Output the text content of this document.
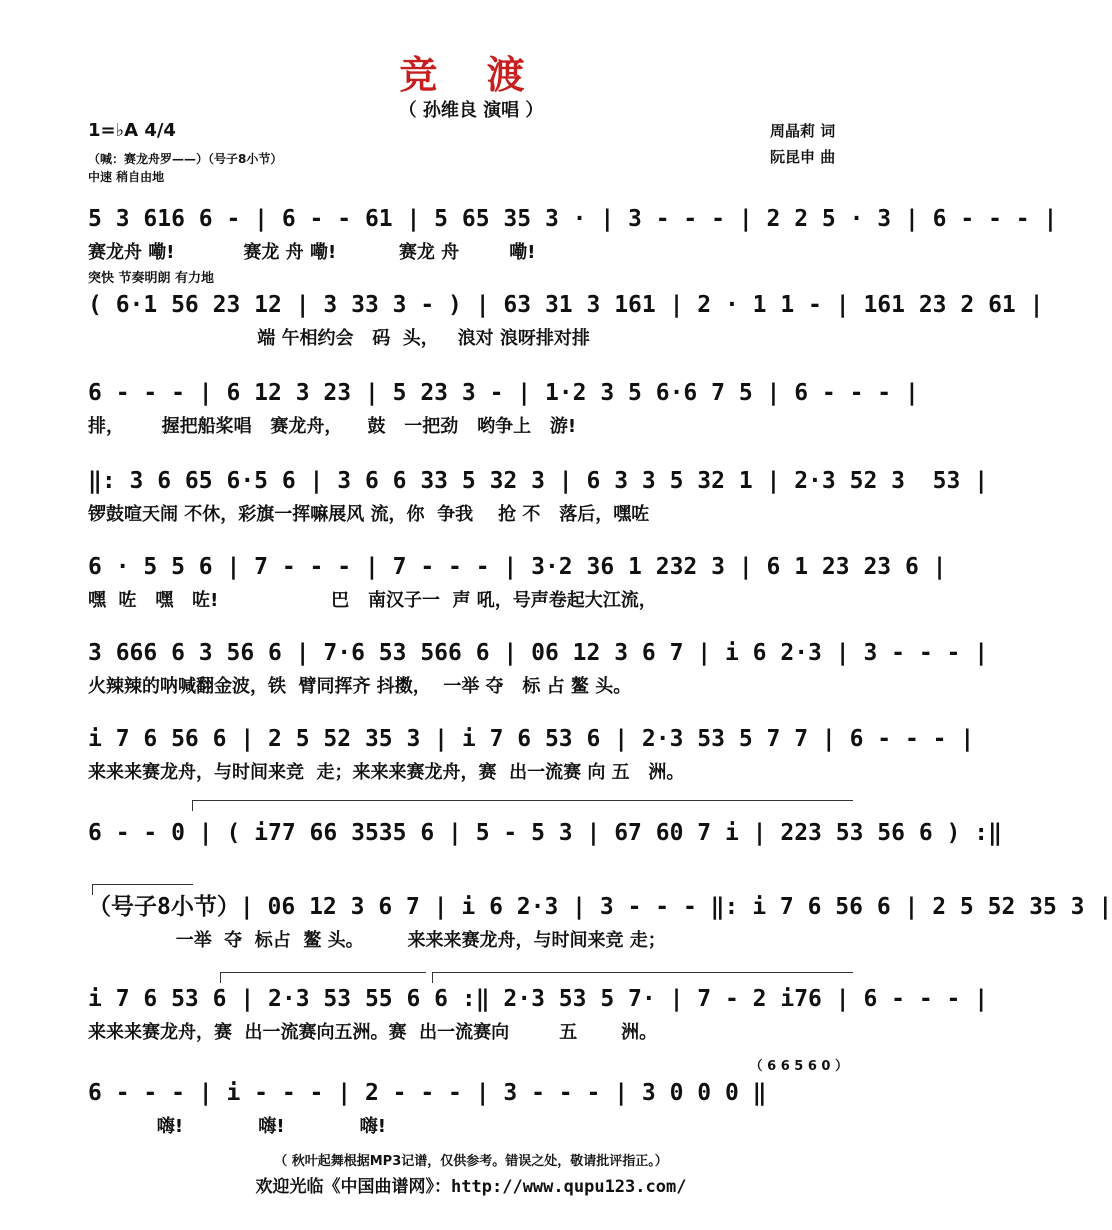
竞 渡
（ 孙维良 演唱 ）
1=♭A 4/4	周晶莉 词
阮昆申 曲
（喊：赛龙舟罗——）（号子8小节）
中速 稍自由地
5 3 616 6 - | 6 - - 61 | 5 65 35 3 · | 3 - - - | 2 2 5 · 3 | 6 - - - |
赛龙舟 嘞!           赛龙 舟 嘞!          赛龙 舟        嘞!
突快 节奏明朗 有力地
( 6·1 56 23 12 | 3 33 3 - ) | 63 31 3 161 | 2 · 1 1 - | 161 23 2 61 |
端 午相约会   码  头，   浪对 浪呀排对排
6 - - - | 6 12 3 23 | 5 23 3 - | 1·2 3 5 6·6 7 5 | 6 - - - |
排，      握把船桨唱   赛龙舟，    鼓   一把劲   哟争上   游!
‖: 3 6 65 6·5 6 | 3 6 6 33 5 32 3 | 6 3 3 5 32 1 | 2·3 52 3  53 |
锣鼓喧天闹 不休，彩旗一挥嘛展风 流，你  争我    抢 不   落后，嘿咗
6 · 5 5 6 | 7 - - - | 7 - - - | 3·2 36 1 232 3 | 6 1 23 23 6 |
嘿  咗   嘿   咗!                  巴   南汉子一  声 吼，号声卷起大江流，
3 666 6 3 56 6 | 7·6 53 566 6 | 06 12 3 6 7 | i 6 2·3 | 3 - - - |
火辣辣的呐喊翻金波，铁  臂同挥齐 抖擞，  一举 夺   标 占 鳌 头。
i 7 6 56 6 | 2 5 52 35 3 | i 7 6 53 6 | 2·3 53 5 7 7 | 6 - - - |
来来来赛龙舟，与时间来竞  走；来来来赛龙舟，赛  出一流赛 向 五   洲。
6 - - 0 | ( i77 66 3535 6 | 5 - 5 3 | 67 60 7 i | 223 53 56 6 ) :‖
（号子8小节）| 06 12 3 6 7 | i 6 2·3 | 3 - - - ‖: i 7 6 56 6 | 2 5 52 35 3 |
一举  夺  标占  鳌 头。       来来来赛龙舟，与时间来竞 走；
i 7 6 53 6 | 2·3 53 55 6 6 :‖ 2·3 53 5 7· | 7 - 2 i76 | 6 - - - |
来来来赛龙舟，赛  出一流赛向五洲。赛  出一流赛向        五       洲。
（ 6 6 5 6 0 ）
6 - - - | i - - - | 2 - - - | 3 - - - | 3 0 0 0 ‖
嗨!            嗨!            嗨!
（ 秋叶起舞根据MP3记谱，仅供参考。错误之处，敬请批评指正。）
欢迎光临《中国曲谱网》：http://www.qupu123.com/
